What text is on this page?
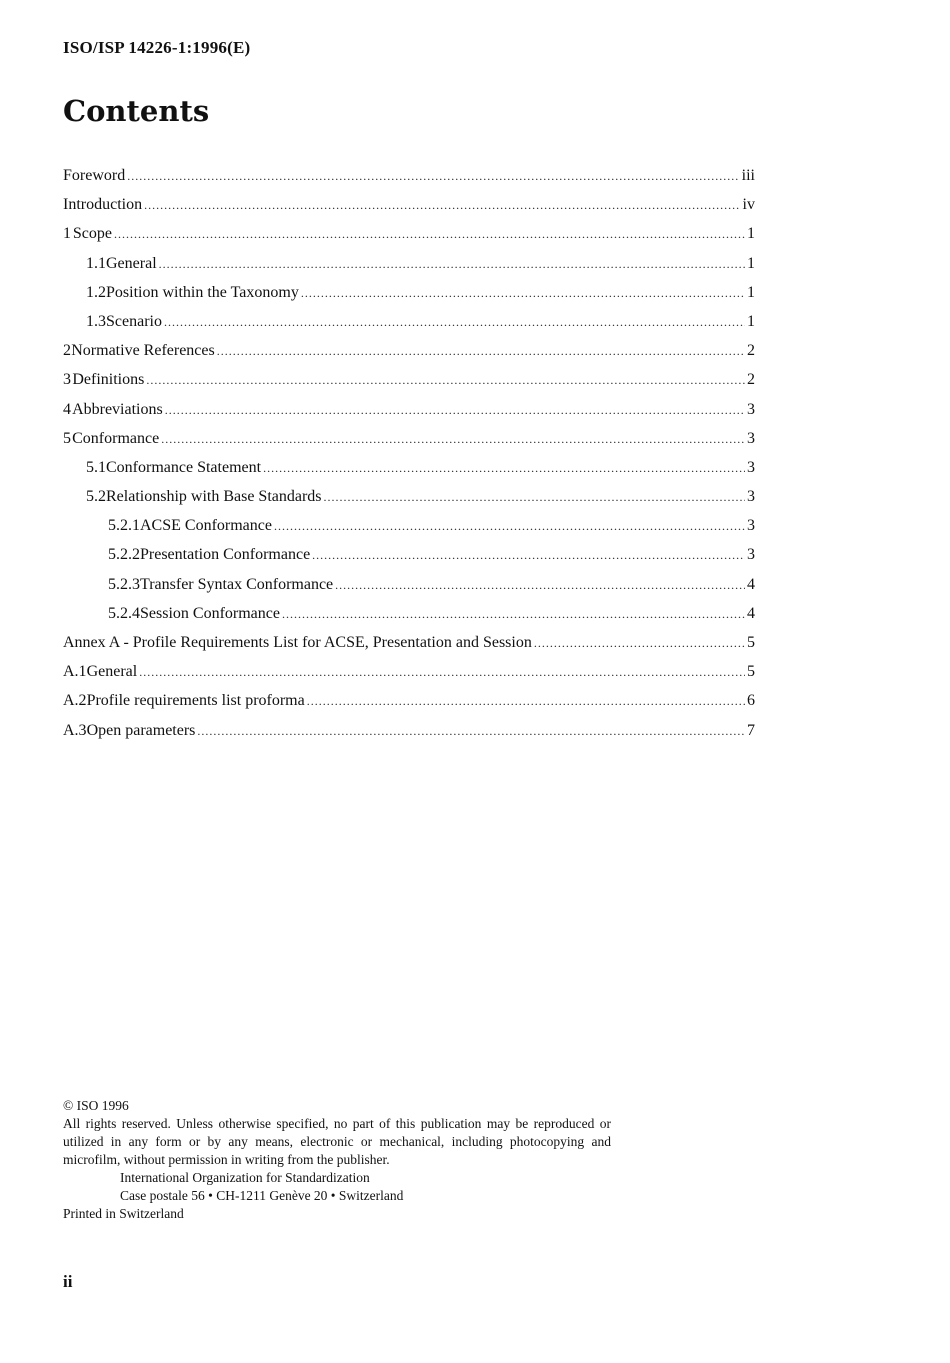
ISO/ISP 14226-1:1996(E)
Contents
Foreword .....	iii
Introduction .....	iv
1 Scope .....	1
1.1 General .....	1
1.2 Position within the Taxonomy .....	1
1.3 Scenario .....	1
2 Normative References .....	2
3 Definitions .....	2
4 Abbreviations .....	3
5 Conformance .....	3
5.1 Conformance Statement .....	3
5.2 Relationship with Base Standards .....	3
5.2.1 ACSE Conformance .....	3
5.2.2 Presentation Conformance .....	3
5.2.3 Transfer Syntax Conformance .....	4
5.2.4 Session Conformance .....	4
Annex A - Profile Requirements List for ACSE, Presentation and Session .....	5
A.1 General .....	5
A.2 Profile requirements list proforma .....	6
A.3 Open parameters .....	7
© ISO 1996
All rights reserved. Unless otherwise specified, no part of this publication may be reproduced or utilized in any form or by any means, electronic or mechanical, including photocopying and microfilm, without permission in writing from the publisher.
International Organization for Standardization
Case postale 56 • CH-1211 Genève 20 • Switzerland
Printed in Switzerland
ii
